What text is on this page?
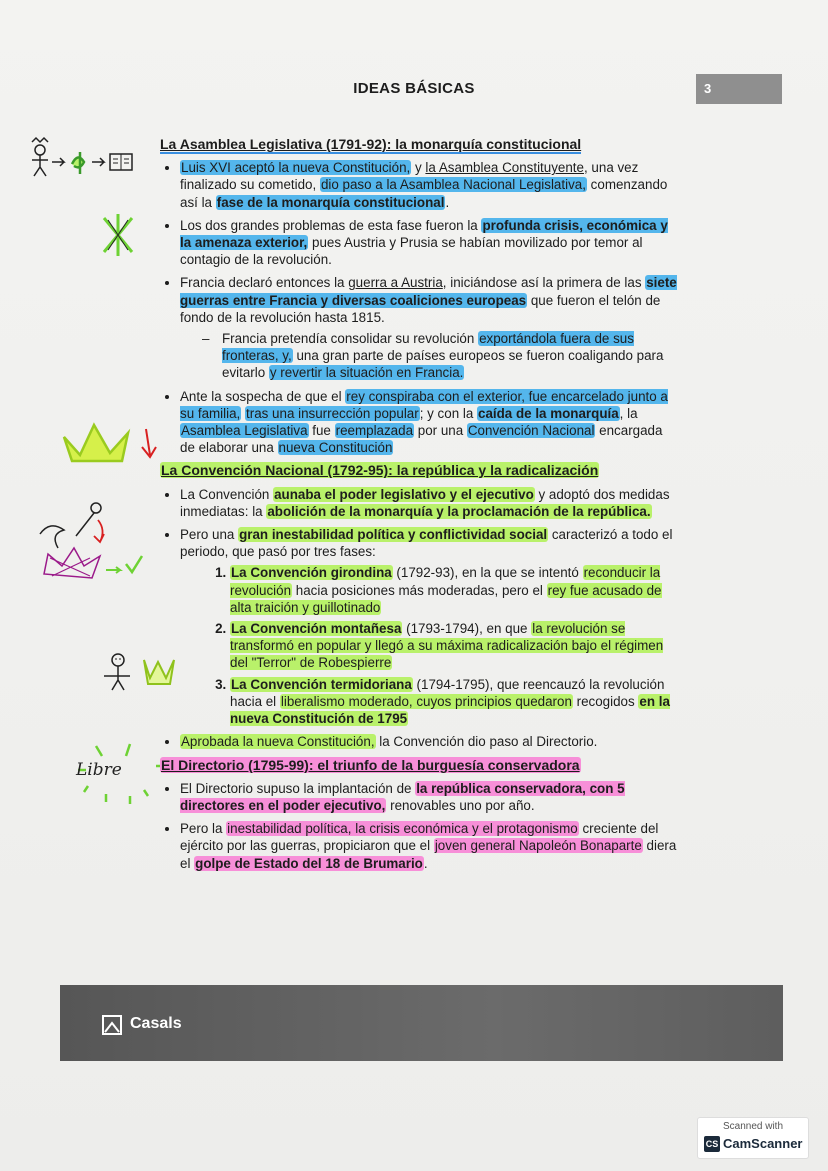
IDEAS BÁSICAS	3
Libre
La Asamblea Legislativa (1791-92): la monarquía constitucional
• Luis XVI aceptó la nueva Constitución, y la Asamblea Constituyente, una vez finalizado su cometido, dio paso a la Asamblea Nacional Legislativa, comenzando así la fase de la monarquía constitucional.
• Los dos grandes problemas de esta fase fueron la profunda crisis, económica y la amenaza exterior, pues Austria y Prusia se habían movilizado por temor al contagio de la revolución.
• Francia declaró entonces la guerra a Austria, iniciándose así la primera de las siete guerras entre Francia y diversas coaliciones europeas que fueron el telón de fondo de la revolución hasta 1815.
– Francia pretendía consolidar su revolución exportándola fuera de sus fronteras, y, una gran parte de países europeos se fueron coaligando para evitarlo y revertir la situación en Francia.
• Ante la sospecha de que el rey conspiraba con el exterior, fue encarcelado junto a su familia, tras una insurrección popular; y con la caída de la monarquía, la Asamblea Legislativa fue reemplazada por una Convención Nacional encargada de elaborar una nueva Constitución
La Convención Nacional (1792-95): la república y la radicalización
• La Convención aunaba el poder legislativo y el ejecutivo y adoptó dos medidas inmediatas: la abolición de la monarquía y la proclamación de la república.
• Pero una gran inestabilidad política y conflictividad social caracterizó a todo el periodo, que pasó por tres fases:
1. La Convención girondina (1792-93), en la que se intentó reconducir la revolución hacia posiciones más moderadas, pero el rey fue acusado de alta traición y guillotinado
2. La Convención montañesa (1793-1794), en que la revolución se transformó en popular y llegó a su máxima radicalización bajo el régimen del "Terror" de Robespierre
3. La Convención termidoriana (1794-1795), que reencauzó la revolución hacia el liberalismo moderado, cuyos principios quedaron recogidos en la nueva Constitución de 1795
• Aprobada la nueva Constitución, la Convención dio paso al Directorio.
El Directorio (1795-99): el triunfo de la burguesía conservadora
• El Directorio supuso la implantación de la república conservadora, con 5 directores en el poder ejecutivo, renovables uno por año.
• Pero la inestabilidad política, la crisis económica y el protagonismo creciente del ejército por las guerras, propiciaron que el joven general Napoleón Bonaparte diera el golpe de Estado del 18 de Brumario.
Casals
Scanned with
CS CamScanner
